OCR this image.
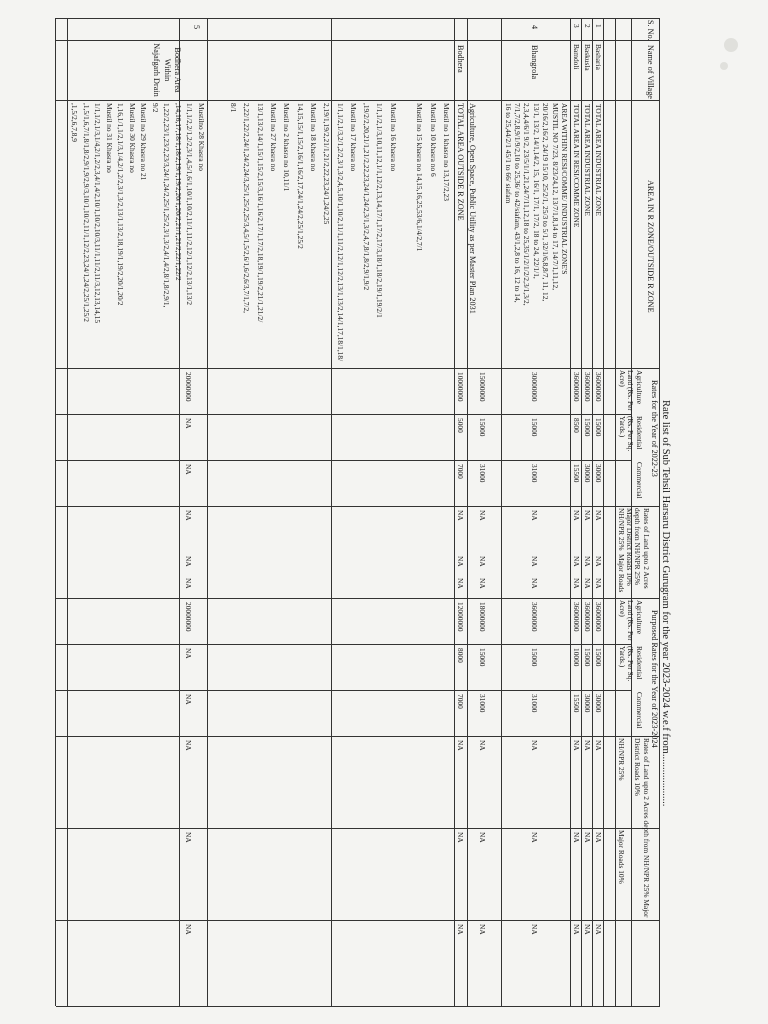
Rate list of Sub Tehsil Harsaru District Gurugram for the year 2023-2024 w.e.f from....................
S. No.
Name of Village
AREA IN R ZONE/OUTSIDE R ZONE
Rates for the Year of 2022-23
Purposed Rates for the Year of 2023-2024
Agriculture Land (Rs. Per Acre)
Residential (Rs. Per Sq. Yards.)
Commercial
Rates of Land upto 2 Acres depth from NH/NPR 25% Major District Roads 10%
NH/NPR 25%
Major Roads
Agriculture Land (Rs. Per Acre)
Residential (Rs. Per Sq. Yards.)
Commercial
Rates of Land upto 2 Acres depth from NH/NPR 25% Major District Roads 10%
NH/NPR 25%
Major Roads 10%
1
Basharia
TOTAL AREA INDUSTRIAL ZONE
36000000
15000
30000
NA
NA
NA
36000000
15000
30000
NA
NA
NA
2
Baskusla
TOTAL AREA INDUSTRIAL ZONE
36000000
15000
30000
NA
NA
NA
36000000
15000
30000
NA
NA
NA
3
Bamdoli
TOTAL AREA IN RESI/COMME ZONE
36000000
8500
15500
NA
NA
NA
36000000
10000
15500
NA
NA
NA
4
Bhangrola
AREA WITHIN RESI/COMME/ INDUSTRIAL ZONE'S
MUSTIL NO 7/23, 8/23/24,12, 13/7/1,8,14 to 17, 14/7/1,11,12,
20/16/2,16/2, 24/19 15/10, 25/2/1, 25/3 to 5/1, 32/1/6,8,8/7, 11, 12,
13/1, 13/2, 14/1,14/2, 15, 16/1, 17/1, 17/2, 18 to 24, 22/1/1,
2,3,4,4/6/1 9/2, 23/5/1/1,21,24/7/11,12,18 to 25,35/1/2/1/2/2,3/1,3/2,
7/1,7/2,8,9/1/9/2,10 to 25,36/ to 42/siafam, 43/1,2,8 to 16, 12 to 14,
16 to 25,44/2/1 45/1 to 66/ siafam
30000000
15000
31000
NA
NA
NA
36000000
15000
31000
NA
NA
NA
Agriculture, Open Space, Public Utility as per Master Plan 2031
15000000
15000
31000
NA
NA
NA
18000000
15000
31000
NA
NA
NA
Bodhera
TOTAL AREA OUTSIDE R ZONE
10000000
5000
7000
NA
NA
NA
12000000
8000
7000
NA
NA
NA
Mustil no 1 khasra no 13,17/2,23
Mustil no 10 khasra no 6
Mustil no 15 khasra no 14,15,16,25,53/6,1/4/2,7/1
Mustil no 16 khasra no
1/1,1/2,1/3,10,11,12,1/1,12/2,13,14,17/1,17/2,17/3,18/1,18/2,19/1,19/2/1
,19/2/2,20,21/1,21/2,22,23,24/1,24/2,3/1,3/2,4,7,8/1,8/2,9/1,9/2
Mustil no 17 khasra no
1/1,1/2,1/3,2/1,2/2,3/1,3/2,4,5,10/1,10/2,11/1,11/2,12/1,12/2,13/1,13/2,14/1,17,18/1,18/
2,19/1,19/2,21/1,21/2,22,23,24/1,24/2,25
Mustil no 18 khasra no
14,15,15/1,15/2,16/1,16/2,17,24/1,24/2,25/1,25/2
Mustil no 2 khasra no 10,11/1
Mustil no 27 khasra no
13/1,13/2,14/1,15/1,15/2,15/3,16/1,16/2,17/1,17/2,18,19/1,19/2,21/1,21/2/
2,22/1,22/2,24/1,24/2,24/3,25/1,25/2,25/3,4,5/1,5/2,6/1,6/2,6/3,7/1,7/2,
8/1
5
Bodhera Area Within Najafgarh Drain
20000000
NA
NA
NA
NA
NA
20000000
NA
NA
NA
NA
NA
Mustilno 28 Khasra no
1/1,1/2,2/1,2/2,3/1,4,5/1,6/1,10/1,10/2,11/1,11/2,12/1,12/2,13/1,13/2
,14,16,17,18/1,18/2,19/1,19/2,20/1,20/2,21/1,21/2,22/1,22/2
1,22/2,23/1,23/2,23/3,24/1,24/2,25/1,25/2,3/1,3/2,4/1,4/2,8/1,8/2,9/1,
9/2
Mustil no 29 khasra no 21
Mustil no 30 Khasra no
1,16,1/1,1/2,1/3,1/4,2/1,2/2,3/1,3/2,13/1,13/2,18,19/1,19/2,20/1,20/2
Mustil no 31 Khasra no
1/1,1/2,1/3,1/4,2/1,2/2,3,4/1,4/2,10/1,10/2,10/3,11/1,11/2,11/3,12,13,14,15
,1,5/1,6,7/1,8/1,8/2,9/1,9/2,9/3,10/1,10/2,11/1,12/2,23,24/1,24/2,25/1,25/2
,1,5/2,6,7,8,9
